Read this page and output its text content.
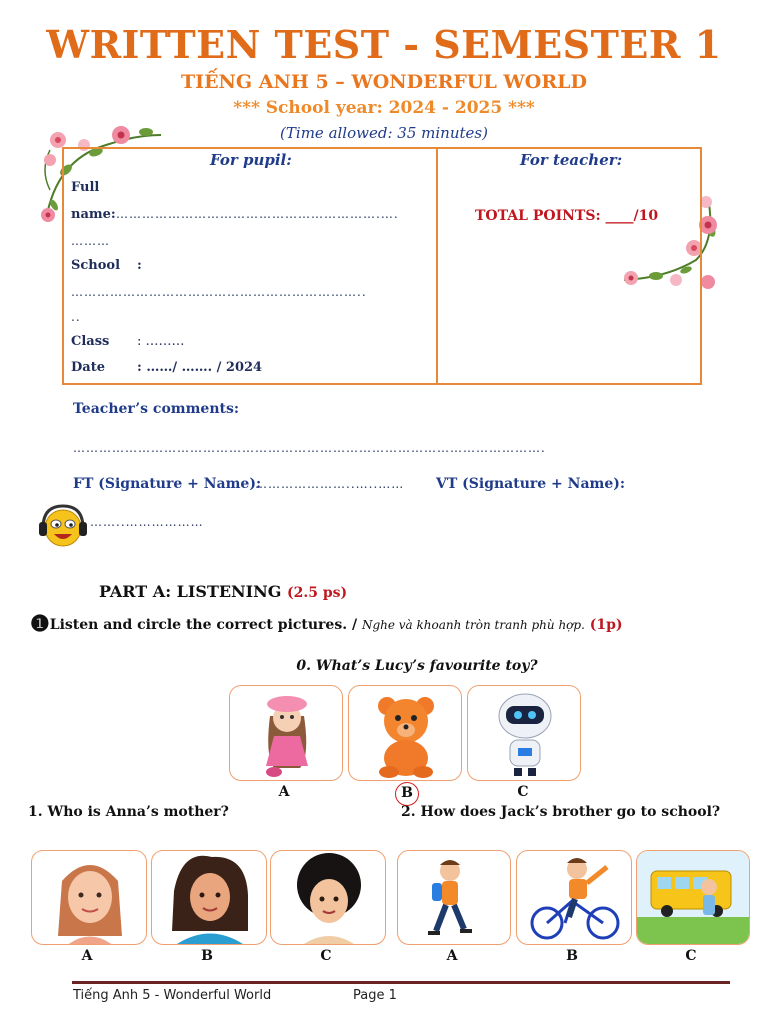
WRITTEN TEST - SEMESTER 1
TIẾNG ANH 5 – WONDERFUL WORLD
*** School year: 2024 - 2025 ***
(Time allowed: 35 minutes)
For pupil:	For teacher:
Full
name: …………………………………………………….….
………
School :
…………………………………………………………..
..
Class : ………
Date : ……/ ……. / 2024
TOTAL POINTS: ____/10
Teacher’s comments:
……………………………………………………………………………………………….
FT (Signature + Name):
…………………..…..…… VT (Signature + Name):
……..………………
PART A: LISTENING (2.5 ps)
❶Listen and circle the correct pictures. / Nghe và khoanh tròn tranh phù hợp. (1p)
0. What’s Lucy’s favourite toy?
A	B	C
1. Who is Anna’s mother?	2. How does Jack’s brother go to school?
A	B	C	A	B	C
Tiếng Anh 5 - Wonderful World	Page 1
